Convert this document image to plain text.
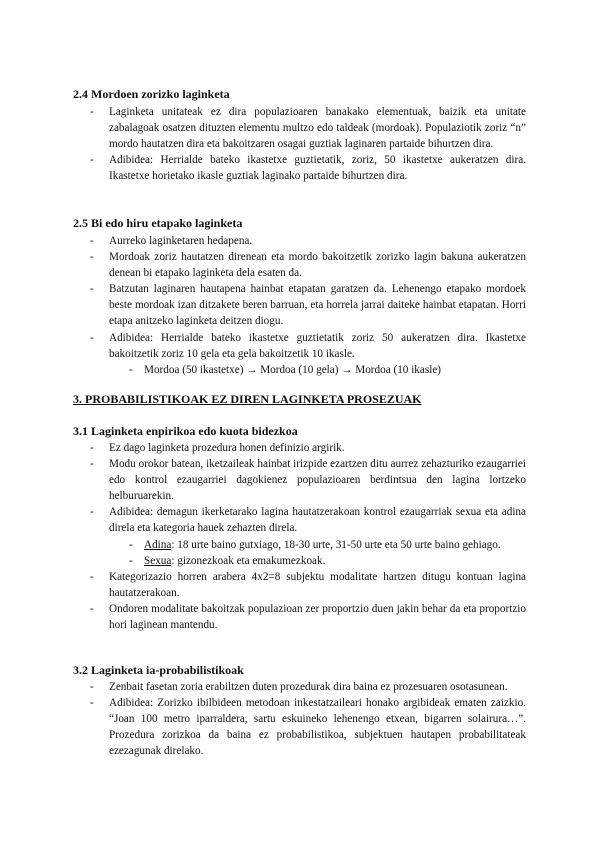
2.4 Mordoen zorizko laginketa
- Laginketa unitateak ez dira populazioaren banakako elementuak, baizik eta unitate zabalagoak osatzen dituzten elementu multzo edo taldeak (mordoak). Populaziotik zoriz “n” mordo hautatzen dira eta bakoitzaren osagai guztiak laginaren partaide bihurtzen dira.
- Adibidea: Herrialde bateko ikastetxe guztietatik, zoriz, 50 ikastetxe aukeratzen dira. Ikastetxe horietako ikasle guztiak laginako partaide bihurtzen dira.
2.5 Bi edo hiru etapako laginketa
- Aurreko laginketaren hedapena.
- Mordoak zoriz hautatzen direnean eta mordo bakoitzetik zorizko lagin bakuna aukeratzen denean bi etapako laginketa dela esaten da.
- Batzutan laginaren hautapena hainbat etapatan garatzen da. Lehenengo etapako mordoek beste mordoak izan ditzakete beren barruan, eta horrela jarrai daiteke hainbat etapatan. Horri etapa anitzeko laginketa deitzen diogu.
- Adibidea: Herrialde bateko ikastetxe guztietatik zoriz 50 aukeratzen dira. Ikastetxe bakoitzetik zoriz 10 gela eta gela bakoitzetik 10 ikasle.
- Mordoa (50 ikastetxe) → Mordoa (10 gela) → Mordoa (10 ikasle)
3. PROBABILISTIKOAK EZ DIREN LAGINKETA PROSEZUAK
3.1 Laginketa enpirikoa edo kuota bidezkoa
- Ez dago laginketa prozedura honen definizio argirik.
- Modu orokor batean, iketzaileak hainbat irizpide ezartzen ditu aurrez zehazturiko ezaugarriei edo kontrol ezaugarriei dagokienez populazioaren berdintsua den lagina lortzeko helburuarekin.
- Adibidea: demagun ikerketarako lagina hautatzerakoan kontrol ezaugarriak sexua eta adina direla eta kategoria hauek zehazten direla.
- Adina: 18 urte baino gutxiago, 18-30 urte, 31-50 urte eta 50 urte baino gehiago.
- Sexua: gizonezkoak eta emakumezkoak.
- Kategorizazio horren arabera 4x2=8 subjektu modalitate hartzen ditugu kontuan lagina hautatzerakoan.
- Ondoren modalitate bakoitzak populazioan zer proportzio duen jakin behar da eta proportzio hori laginean mantendu.
3.2 Laginketa ia-probabilistikoak
- Zenbait fasetan zoria erabiltzen duten prozedurak dira baina ez prozesuaren osotasunean.
- Adibidea: Zorizko ibilbideen metodoan inkestatzaileari honako argibideak ematen zaizkio. “Joan 100 metro iparraldera, sartu eskuineko lehenengo etxean, bigarren solairura…”. Prozedura zorizkoa da baina ez probabilistikoa, subjektuen hautapen probabilitateak ezezagunak direlako.
